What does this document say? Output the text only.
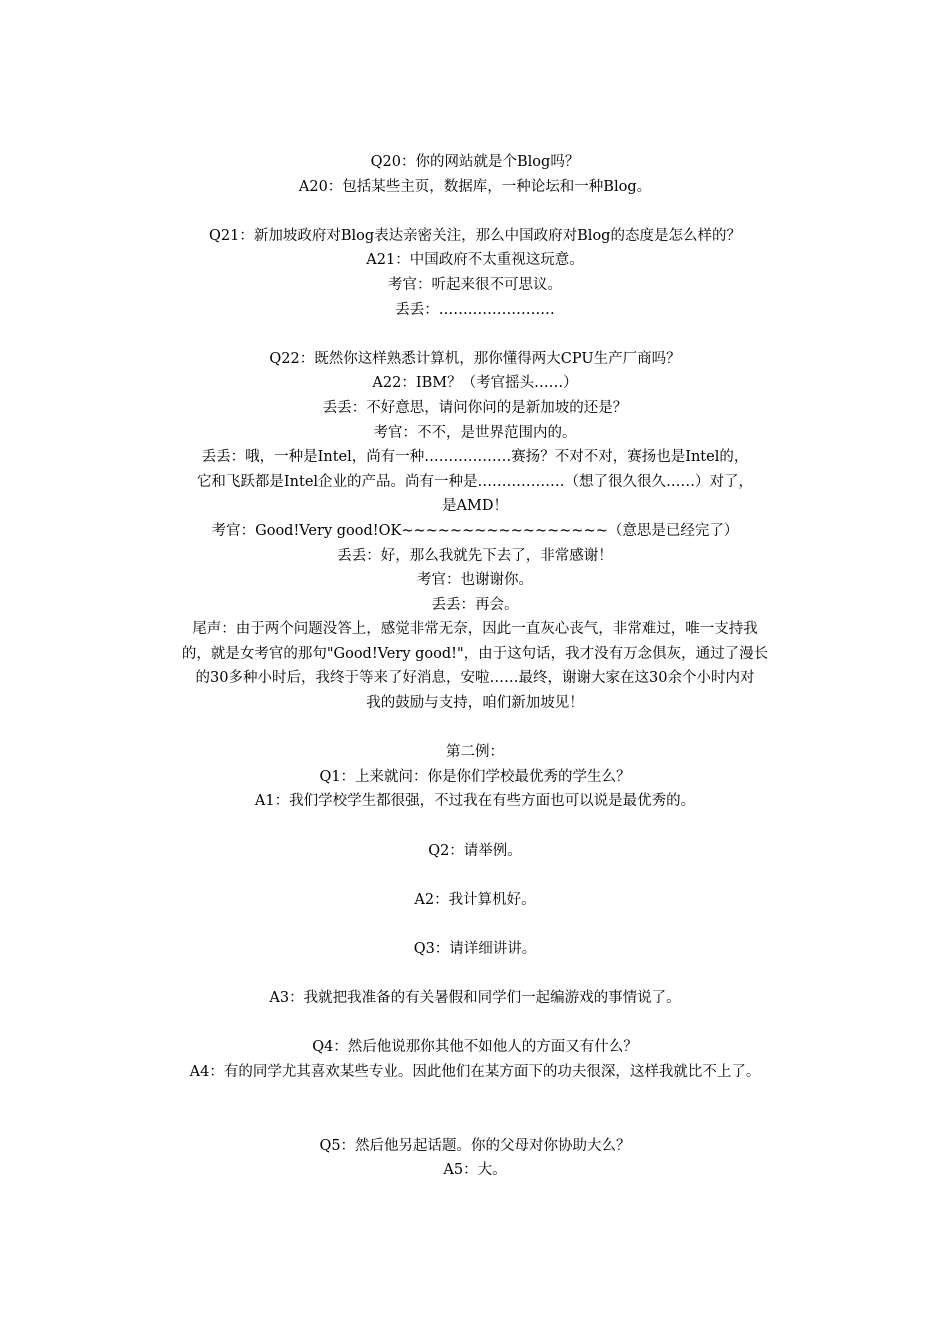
Q20：你的网站就是个Blog吗？
A20：包括某些主页，数据库，一种论坛和一种Blog。
Q21：新加坡政府对Blog表达亲密关注，那么中国政府对Blog的态度是怎么样的？
A21：中国政府不太重视这玩意。
考官：听起来很不可思议。
丢丢：……………………
Q22：既然你这样熟悉计算机，那你懂得两大CPU生产厂商吗？
A22：IBM？（考官摇头……）
丢丢：不好意思，请问你问的是新加坡的还是？
考官：不不，是世界范围内的。
丢丢：哦，一种是Intel，尚有一种………………赛扬？不对不对，赛扬也是Intel的，
它和飞跃都是Intel企业的产品。尚有一种是………………（想了很久很久……）对了，
是AMD！
考官：Good!Very good!OK~~~~~~~~~~~~~~~~~（意思是已经完了）
丢丢：好，那么我就先下去了，非常感谢！
考官：也谢谢你。
丢丢：再会。
尾声：由于两个问题没答上，感觉非常无奈，因此一直灰心丧气，非常难过，唯一支持我
的，就是女考官的那句"Good!Very good!"，由于这句话，我才没有万念俱灰，通过了漫长
的30多种小时后，我终于等来了好消息，安啦……最终，谢谢大家在这30余个小时内对
我的鼓励与支持，咱们新加坡见！
第二例：
Q1：上来就问：你是你们学校最优秀的学生么？
A1：我们学校学生都很强，不过我在有些方面也可以说是最优秀的。
Q2：请举例。
A2：我计算机好。
Q3：请详细讲讲。
A3：我就把我准备的有关暑假和同学们一起编游戏的事情说了。
Q4：然后他说那你其他不如他人的方面又有什么？
A4：有的同学尤其喜欢某些专业。因此他们在某方面下的功夫很深，这样我就比不上了。
Q5：然后他另起话题。你的父母对你协助大么？
A5：大。
